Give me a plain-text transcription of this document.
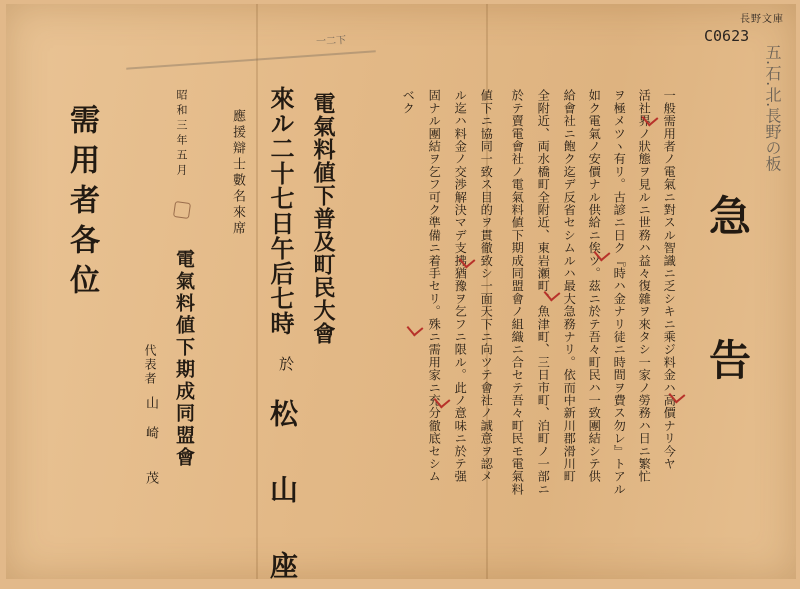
長野文庫
C0623
五.石.北.長野の板
一二下
急　告
一般需用者ノ電氣ニ對スル智識ニ乏シキニ乘ジ料金ハ高價ナリ今ヤ
活社界ノ狀態ヲ見ルニ世務ハ益々復雜ヲ來タシ一家ノ勞務ハ日ニ繁忙
ヲ極メツヽ有リ。古諺ニ日ク『時ハ金ナリ徒ニ時間ヲ費ス勿レ』トアル
如ク電氣ノ安價ナル供給ニ俟ツ。茲ニ於テ吾々町民ハ一致團結シテ供
給會社ニ飽ク迄デ反省セシムルハ最大急務ナリ。依而中新川郡滑川町
全附近、両水橋町全附近、東岩瀬町、魚津町、三日市町、泊町ノ一部ニ
於テ賣電會社ノ電氣料値下期成同盟會ノ組織ニ合セテ吾々町民モ電氣料
値下ニ協同一致ス目的ヲ貫徹致シ一面天下ニ向ツテ會社ノ誠意ヲ認メ
ル迄ハ料金ノ交渉解決マデ支拂猶豫ヲ乞フニ限ル。此ノ意味ニ於テ强
固ナル團結ヲ乞フ可ク準備ニ着手セリ。殊ニ需用家ニ充分徹底セシム
ベク
電氣料値下普及町民大會
來ル二十七日午后七時
於
松　山　座
應援辯士數名來席
昭和三年五月
電氣料値下期成同盟會
代表者
山　崎　　茂
需用者各位
